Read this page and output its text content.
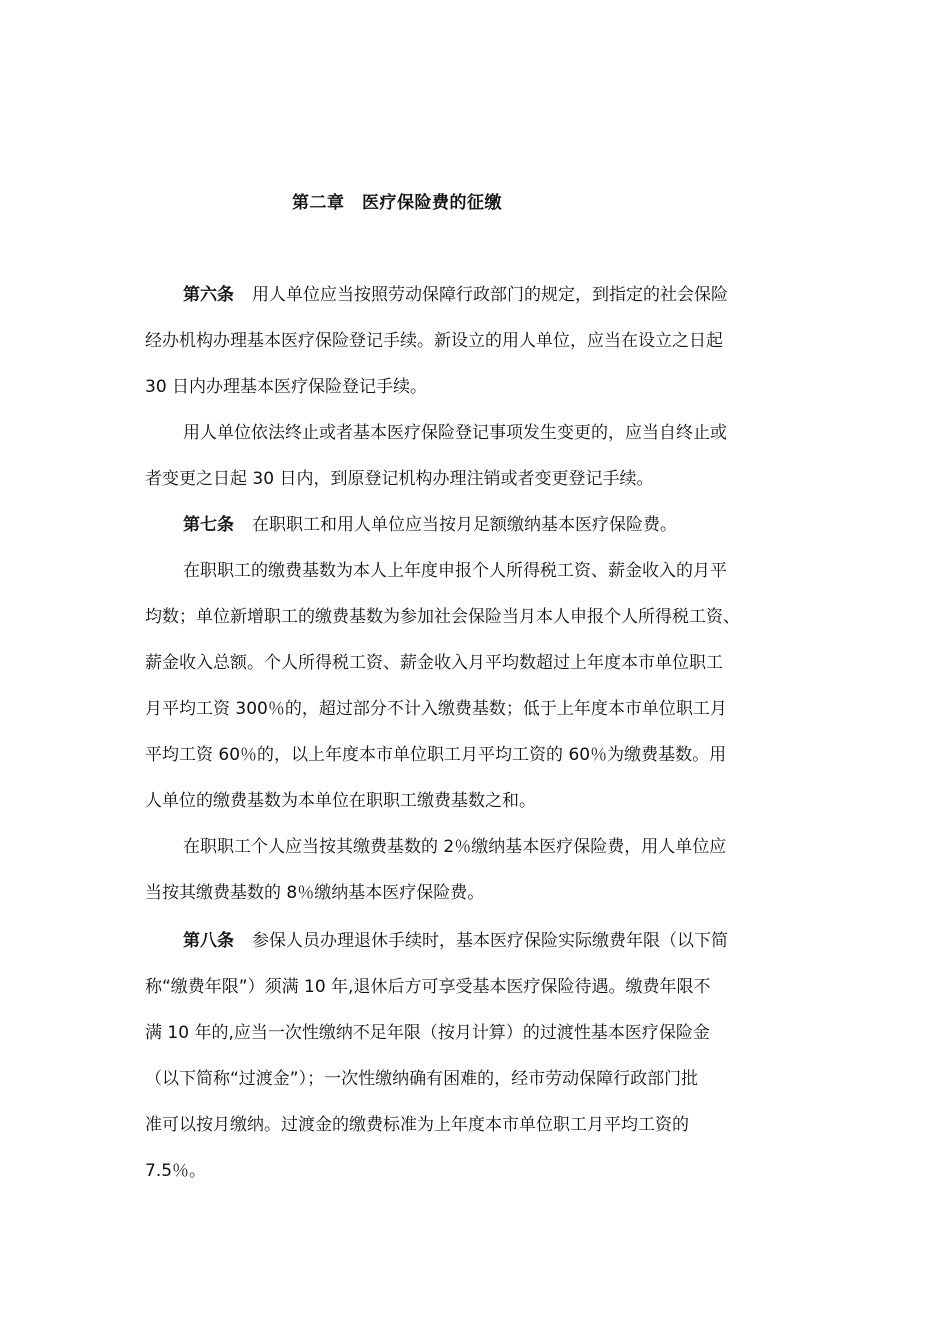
第二章　医疗保险费的征缴
第六条 用人单位应当按照劳动保障行政部门的规定，到指定的社会保险
经办机构办理基本医疗保险登记手续。新设立的用人单位，应当在设立之日起
30 日内办理基本医疗保险登记手续。
用人单位依法终止或者基本医疗保险登记事项发生变更的，应当自终止或
者变更之日起 30 日内，到原登记机构办理注销或者变更登记手续。
第七条 在职职工和用人单位应当按月足额缴纳基本医疗保险费。
在职职工的缴费基数为本人上年度申报个人所得税工资、薪金收入的月平
均数；单位新增职工的缴费基数为参加社会保险当月本人申报个人所得税工资、
薪金收入总额。个人所得税工资、薪金收入月平均数超过上年度本市单位职工
月平均工资 300％的，超过部分不计入缴费基数；低于上年度本市单位职工月
平均工资 60％的，以上年度本市单位职工月平均工资的 60％为缴费基数。用
人单位的缴费基数为本单位在职职工缴费基数之和。
在职职工个人应当按其缴费基数的 2％缴纳基本医疗保险费，用人单位应
当按其缴费基数的 8％缴纳基本医疗保险费。
第八条 参保人员办理退休手续时，基本医疗保险实际缴费年限（以下简
称“缴费年限”）须满 10 年,退休后方可享受基本医疗保险待遇。缴费年限不
满 10 年的,应当一次性缴纳不足年限（按月计算）的过渡性基本医疗保险金
（以下简称“过渡金”）；一次性缴纳确有困难的，经市劳动保障行政部门批
准可以按月缴纳。过渡金的缴费标准为上年度本市单位职工月平均工资的
7.5％。
